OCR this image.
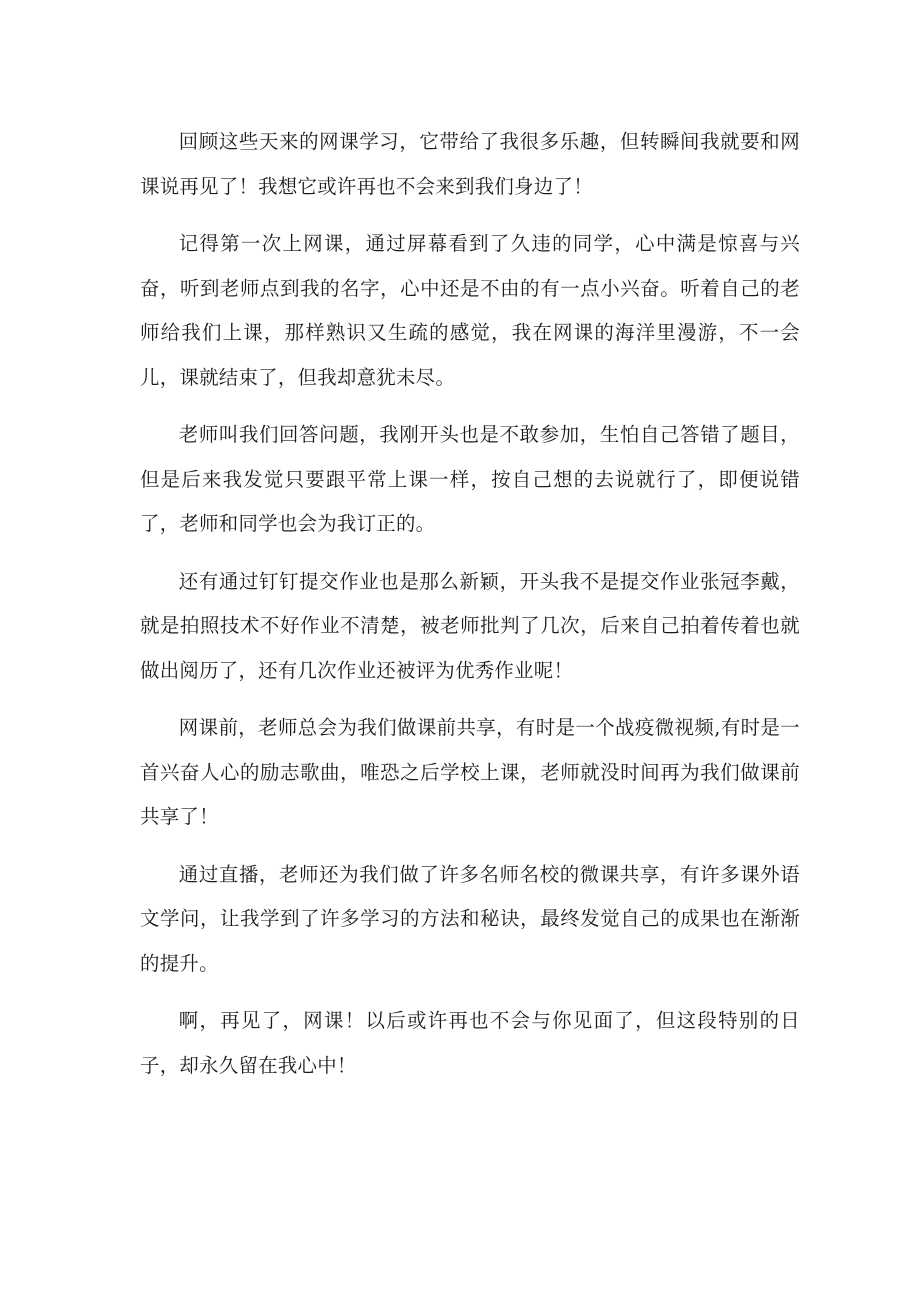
回顾这些天来的网课学习，它带给了我很多乐趣，但转瞬间我就要和网课说再见了！我想它或许再也不会来到我们身边了！

记得第一次上网课，通过屏幕看到了久违的同学，心中满是惊喜与兴奋，听到老师点到我的名字，心中还是不由的有一点小兴奋。听着自己的老师给我们上课，那样熟识又生疏的感觉，我在网课的海洋里漫游，不一会儿，课就结束了，但我却意犹未尽。

老师叫我们回答问题，我刚开头也是不敢参加，生怕自己答错了题目，但是后来我发觉只要跟平常上课一样，按自己想的去说就行了，即便说错了，老师和同学也会为我订正的。

还有通过钉钉提交作业也是那么新颖，开头我不是提交作业张冠李戴，就是拍照技术不好作业不清楚，被老师批判了几次，后来自己拍着传着也就做出阅历了，还有几次作业还被评为优秀作业呢！

网课前，老师总会为我们做课前共享，有时是一个战疫微视频,有时是一首兴奋人心的励志歌曲，唯恐之后学校上课，老师就没时间再为我们做课前共享了！

通过直播，老师还为我们做了许多名师名校的微课共享，有许多课外语文学问，让我学到了许多学习的方法和秘诀，最终发觉自己的成果也在渐渐的提升。

啊，再见了，网课！以后或许再也不会与你见面了，但这段特别的日子，却永久留在我心中！
